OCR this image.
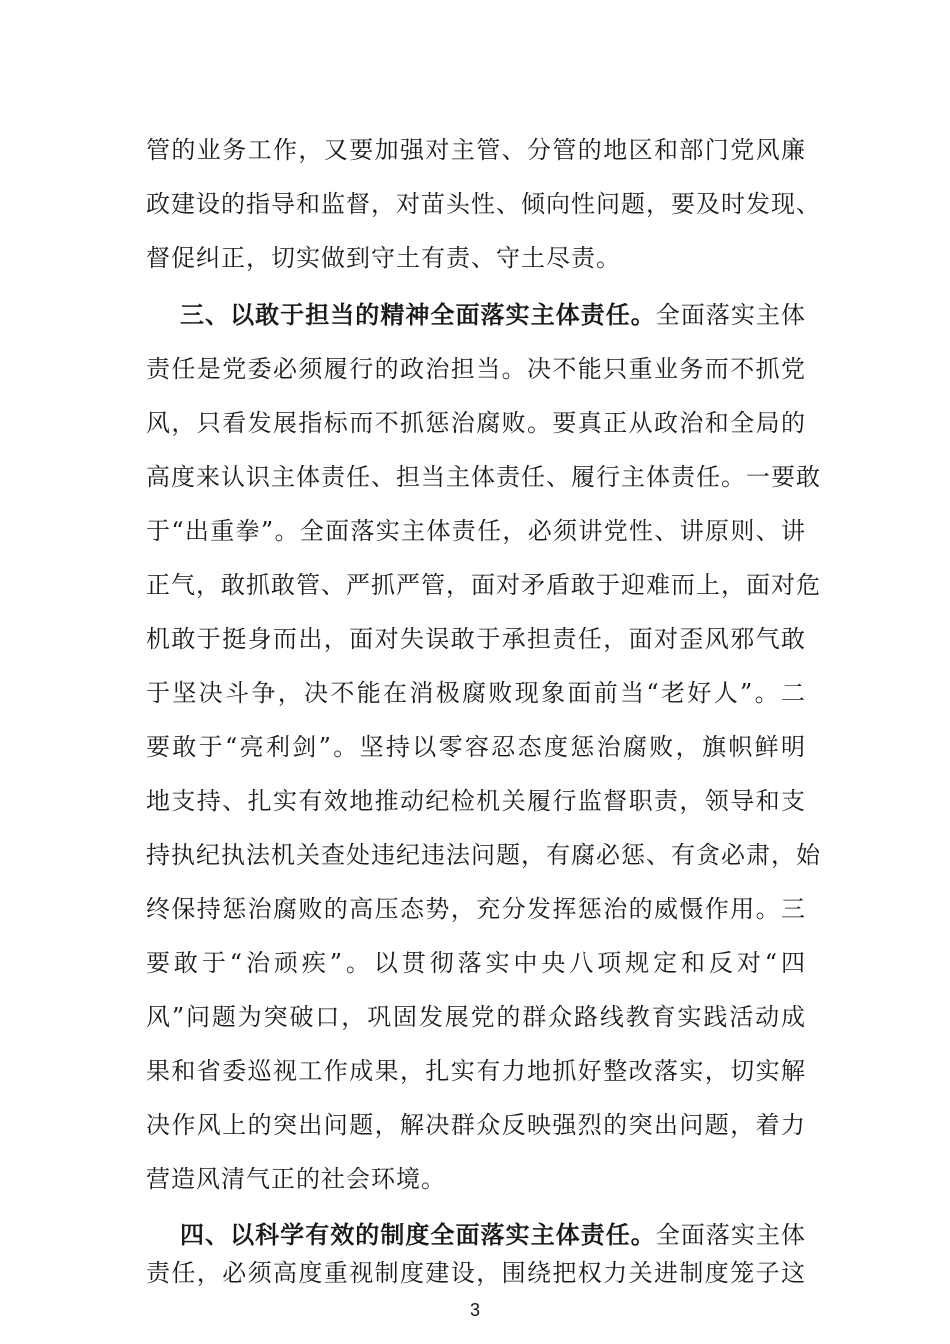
管的业务工作，又要加强对主管、分管的地区和部门党风廉
政建设的指导和监督，对苗头性、倾向性问题，要及时发现、
督促纠正，切实做到守土有责、守土尽责。
三、以敢于担当的精神全面落实主体责任。全面落实主体
责任是党委必须履行的政治担当。决不能只重业务而不抓党
风，只看发展指标而不抓惩治腐败。要真正从政治和全局的
高度来认识主体责任、担当主体责任、履行主体责任。一要敢
于“出重拳”。全面落实主体责任，必须讲党性、讲原则、讲
正气，敢抓敢管、严抓严管，面对矛盾敢于迎难而上，面对危
机敢于挺身而出，面对失误敢于承担责任，面对歪风邪气敢
于坚决斗争，决不能在消极腐败现象面前当“老好人”。二
要敢于“亮利剑”。坚持以零容忍态度惩治腐败，旗帜鲜明
地支持、扎实有效地推动纪检机关履行监督职责，领导和支
持执纪执法机关查处违纪违法问题，有腐必惩、有贪必肃，始
终保持惩治腐败的高压态势，充分发挥惩治的威慑作用。三
要敢于“治顽疾”。以贯彻落实中央八项规定和反对“四
风”问题为突破口，巩固发展党的群众路线教育实践活动成
果和省委巡视工作成果，扎实有力地抓好整改落实，切实解
决作风上的突出问题，解决群众反映强烈的突出问题，着力
营造风清气正的社会环境。
四、以科学有效的制度全面落实主体责任。全面落实主体
责任，必须高度重视制度建设，围绕把权力关进制度笼子这
3
